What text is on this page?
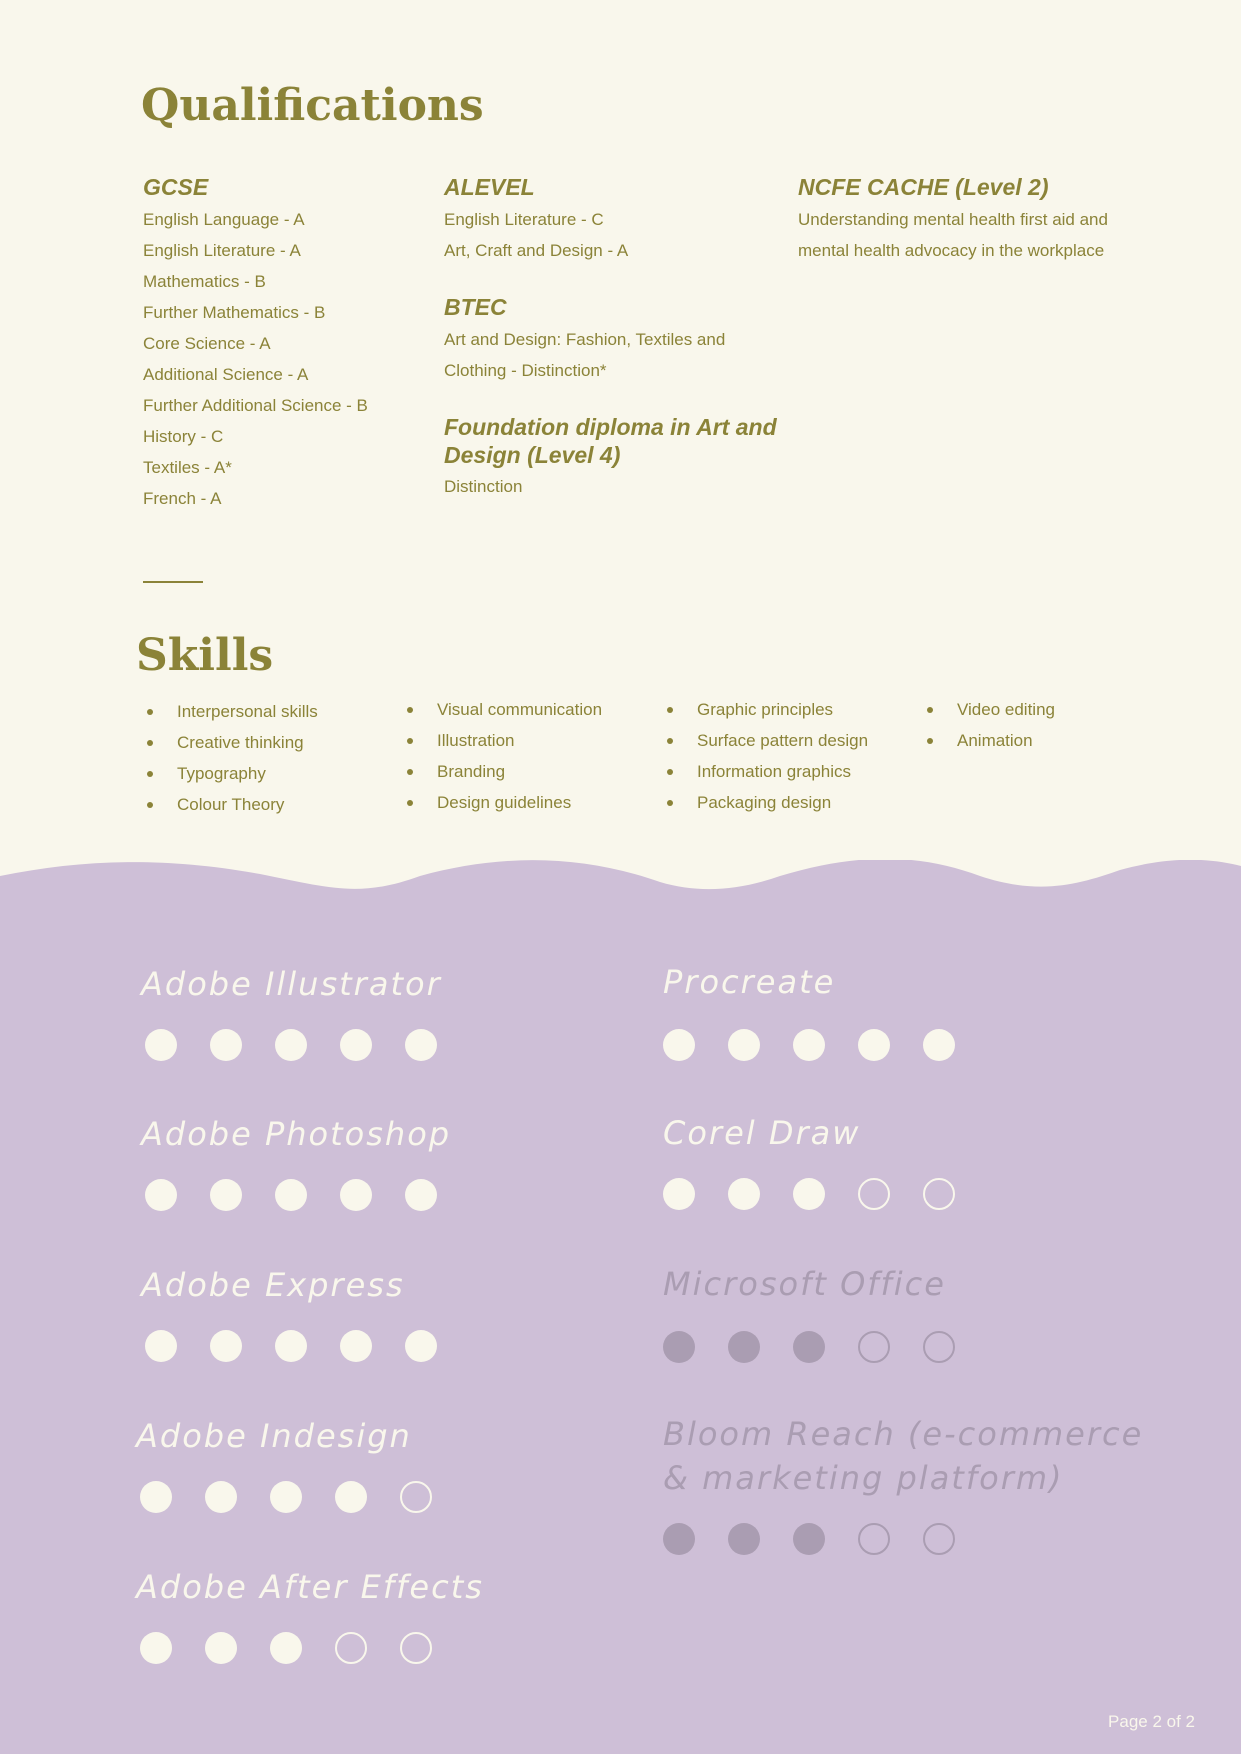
Qualifications
GCSE
English Language - A
English Literature - A
Mathematics - B
Further Mathematics - B
Core Science - A
Additional Science - A
Further Additional Science - B
History - C
Textiles - A*
French - A
ALEVEL
English Literature - C
Art, Craft and Design - A
BTEC
Art and Design: Fashion, Textiles and
Clothing - Distinction*
Foundation diploma in Art and
Design (Level 4)
Distinction
NCFE CACHE (Level 2)
Understanding mental health first aid and
mental health advocacy in the workplace
Skills
Interpersonal skills
Creative thinking
Typography
Colour Theory
Visual communication
Illustration
Branding
Design guidelines
Graphic principles
Surface pattern design
Information graphics
Packaging design
Video editing
Animation
Adobe Illustrator
Adobe Photoshop
Adobe Express
Adobe Indesign
Adobe After Effects
Procreate
Corel Draw
Microsoft Office
Bloom Reach (e-commerce
& marketing platform)
Page 2 of 2
